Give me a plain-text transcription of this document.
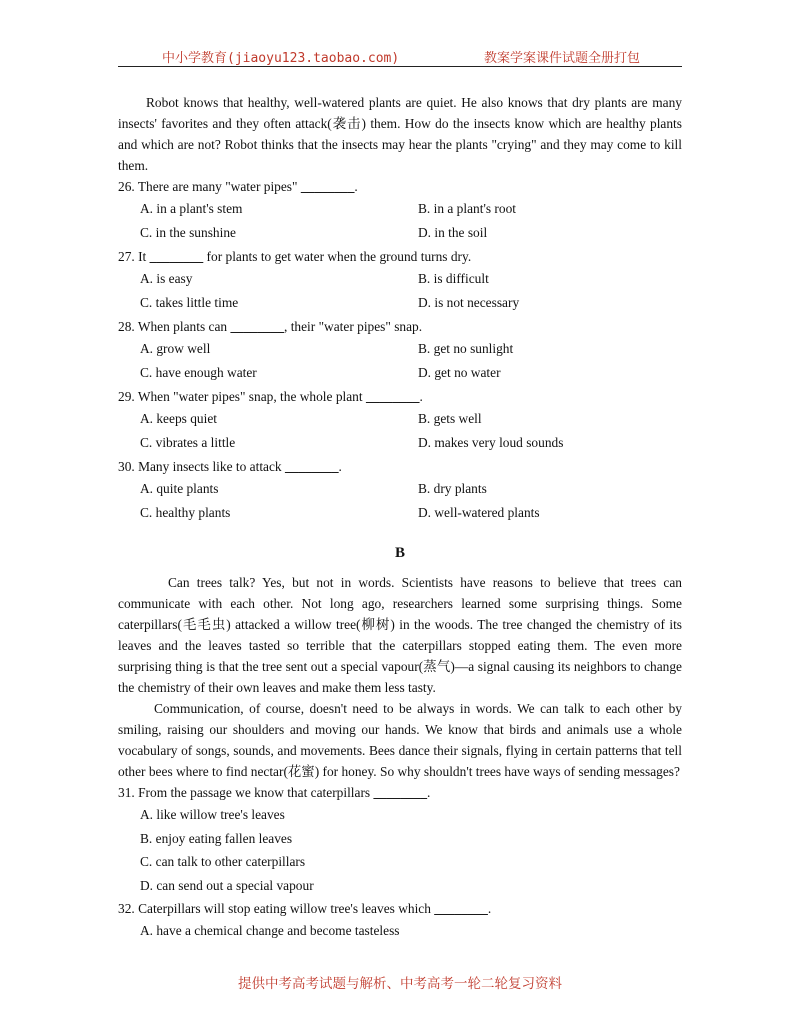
中小学教育(jiaoyu123.taobao.com)	教案学案课件试题全册打包

Robot knows that healthy, well-watered plants are quiet. He also knows that dry plants are many insects' favorites and they often attack(袭击) them. How do the insects know which are healthy plants and which are not? Robot thinks that the insects may hear the plants "crying" and they may come to kill them.

26. There are many "water pipes" ________.

A. in a plant's stem	B. in a plant's root
C. in the sunshine	D. in the soil

27. It ________ for plants to get water when the ground turns dry.

A. is easy	B. is difficult
C. takes little time	D. is not necessary

28. When plants can ________, their "water pipes" snap.

A. grow well	B. get no sunlight
C. have enough water	D. get no water

29. When "water pipes" snap, the whole plant ________.

A. keeps quiet	B. gets well
C. vibrates a little	D. makes very loud sounds

30. Many insects like to attack ________.

A. quite plants	B. dry plants
C. healthy plants	D. well-watered plants
B

Can trees talk? Yes, but not in words. Scientists have reasons to believe that trees can communicate with each other. Not long ago, researchers learned some surprising things. Some caterpillars(毛毛虫) attacked a willow tree(柳树) in the woods. The tree changed the chemistry of its leaves and the leaves tasted so terrible that the caterpillars stopped eating them. The even more surprising thing is that the tree sent out a special vapour(蒸气)—a signal causing its neighbors to change the chemistry of their own leaves and make them less tasty.

Communication, of course, doesn't need to be always in words. We can talk to each other by smiling, raising our shoulders and moving our hands. We know that birds and animals use a whole vocabulary of songs, sounds, and movements. Bees dance their signals, flying in certain patterns that tell other bees where to find nectar(花蜜) for honey. So why shouldn't trees have ways of sending messages?

31. From the passage we know that caterpillars ________.

A. like willow tree's leaves
B. enjoy eating fallen leaves
C. can talk to other caterpillars
D. can send out a special vapour

32. Caterpillars will stop eating willow tree's leaves which ________.

A. have a chemical change and become tasteless
提供中考高考试题与解析、中考高考一轮二轮复习资料
